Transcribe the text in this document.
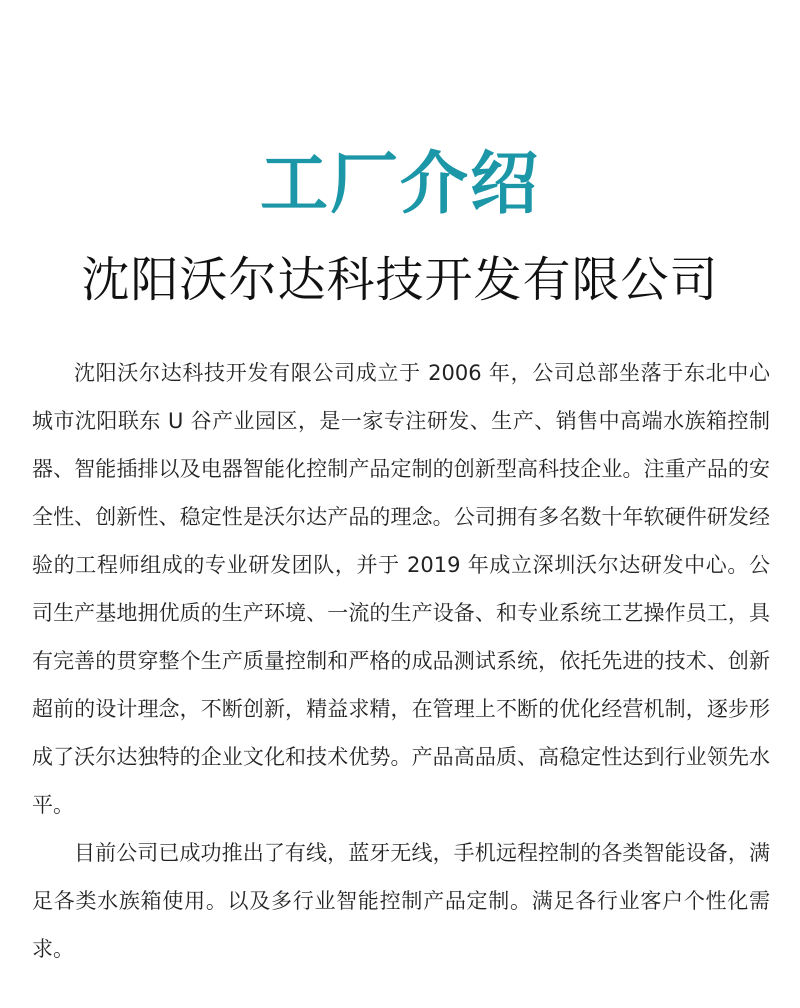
工厂介绍
沈阳沃尔达科技开发有限公司

沈阳沃尔达科技开发有限公司成立于 2006 年，公司总部坐落于东北中心城市沈阳联东 U 谷产业园区，是一家专注研发、生产、销售中高端水族箱控制器、智能插排以及电器智能化控制产品定制的创新型高科技企业。注重产品的安全性、创新性、稳定性是沃尔达产品的理念。公司拥有多名数十年软硬件研发经验的工程师组成的专业研发团队，并于 2019 年成立深圳沃尔达研发中心。公司生产基地拥优质的生产环境、一流的生产设备、和专业系统工艺操作员工，具有完善的贯穿整个生产质量控制和严格的成品测试系统，依托先进的技术、创新超前的设计理念，不断创新，精益求精，在管理上不断的优化经营机制，逐步形成了沃尔达独特的企业文化和技术优势。产品高品质、高稳定性达到行业领先水平。

目前公司已成功推出了有线，蓝牙无线，手机远程控制的各类智能设备，满足各类水族箱使用。以及多行业智能控制产品定制。满足各行业客户个性化需求。
